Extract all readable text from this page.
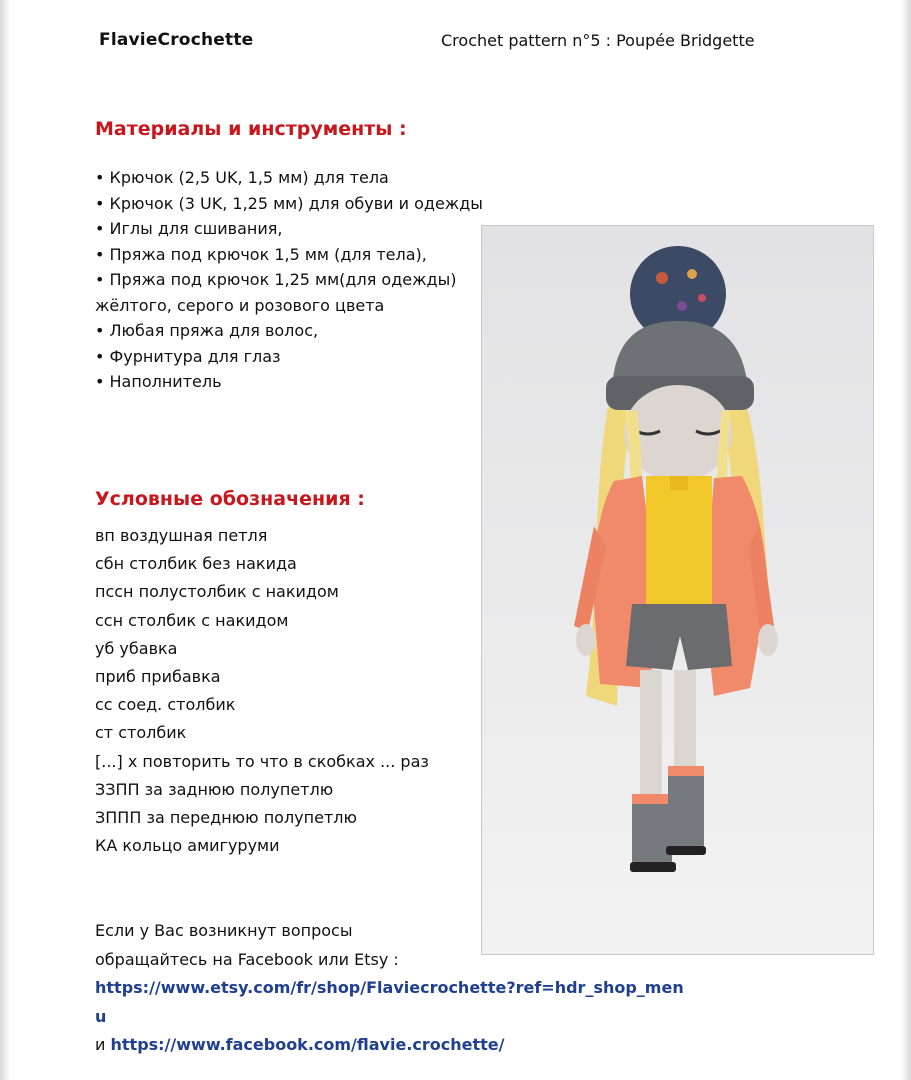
FlavieCrochette	Crochet pattern n°5 : Poupée Bridgette
Материалы и инструменты :
• Крючок (2,5 UK, 1,5 мм) для тела
• Крючок (3 UK, 1,25 мм) для обуви и одежды
• Иглы для сшивания,
• Пряжа под крючок 1,5 мм (для тела),
• Пряжа под крючок 1,25 мм(для одежды)
жёлтого, серого и розового цвета
• Любая пряжа для волос,
• Фурнитура для глаз
• Наполнитель
Условные обозначения :
вп воздушная петля
сбн столбик без накида
пссн полустолбик с накидом
ссн столбик с накидом
уб убавка
приб прибавка
сс соед. столбик
ст столбик
[...] x повторить то что в скобках ... раз
ЗЗПП за заднюю полупетлю
ЗППП за переднюю полупетлю
КА кольцо амигуруми
Если у Вас возникнут вопросы
обращайтесь на Facebook или Etsy :
https://www.etsy.com/fr/shop/Flaviecrochette?ref=hdr_shop_men
u
и https://www.facebook.com/flavie.crochette/
